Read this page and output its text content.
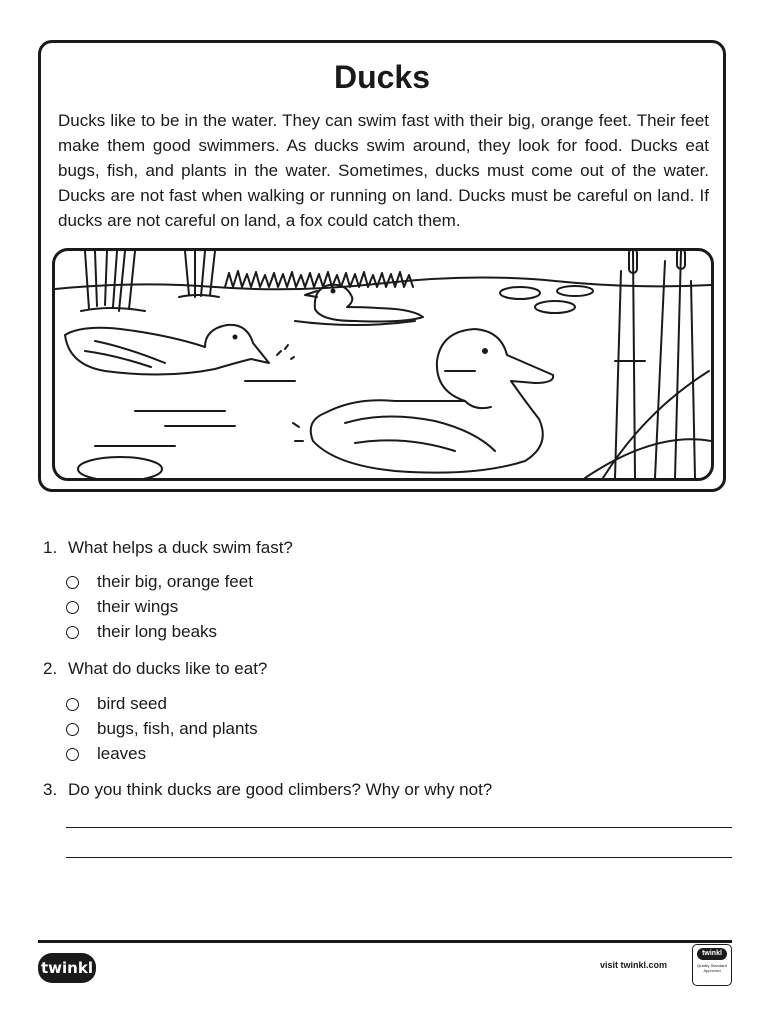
Ducks

Ducks like to be in the water. They can swim fast with their big, orange feet. Their feet make them good swimmers. As ducks swim around, they look for food. Ducks eat bugs, fish, and plants in the water. Sometimes, ducks must come out of the water. Ducks are not fast when walking or running on land. Ducks must be careful on land. If ducks are not careful on land, a fox could catch them.

1. What helps a duck swim fast?
their big, orange feet
their wings
their long beaks
2. What do ducks like to eat?
bird seed
bugs, fish, and plants
leaves
3. Do you think ducks are good climbers? Why or why not?
twinkl	visit twinkl.com
twinkl
Quality Standard Approved
